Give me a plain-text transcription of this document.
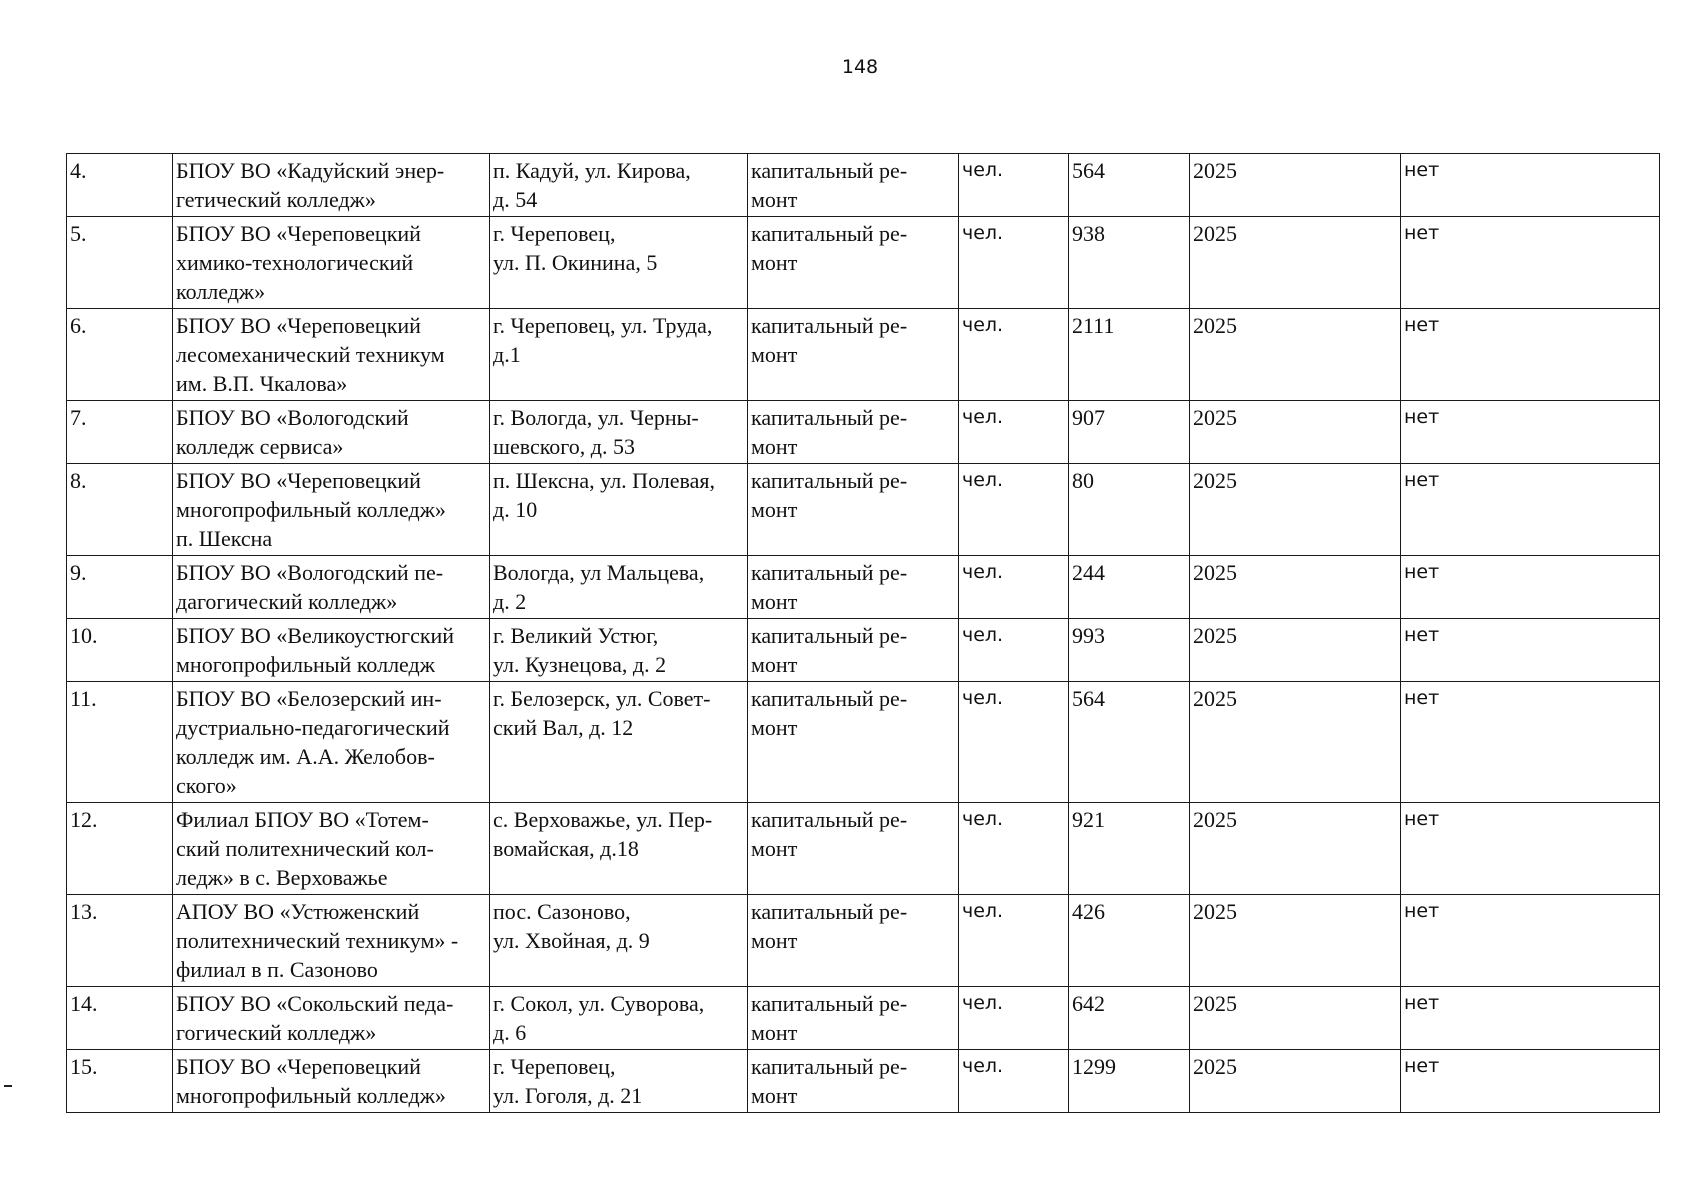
148
4.	БПОУ ВО «Кадуйский энер-
гетический колледж»	п. Кадуй, ул. Кирова,
д. 54	капитальный ре-
монт	чел.	564	2025	нет
5.	БПОУ ВО «Череповецкий
химико-технологический
колледж»	г. Череповец,
ул. П. Окинина, 5	капитальный ре-
монт	чел.	938	2025	нет
6.	БПОУ ВО «Череповецкий
лесомеханический техникум
им. В.П. Чкалова»	г. Череповец, ул. Труда,
д.1	капитальный ре-
монт	чел.	2111	2025	нет
7.	БПОУ ВО «Вологодский
колледж сервиса»	г. Вологда, ул. Черны-
шевского, д. 53	капитальный ре-
монт	чел.	907	2025	нет
8.	БПОУ ВО «Череповецкий
многопрофильный колледж»
п. Шексна	п. Шексна, ул. Полевая,
д. 10	капитальный ре-
монт	чел.	80	2025	нет
9.	БПОУ ВО «Вологодский пе-
дагогический колледж»	Вологда, ул Мальцева,
д. 2	капитальный ре-
монт	чел.	244	2025	нет
10.	БПОУ ВО «Великоустюгский
многопрофильный колледж	г. Великий Устюг,
ул. Кузнецова, д. 2	капитальный ре-
монт	чел.	993	2025	нет
11.	БПОУ ВО «Белозерский ин-
дустриально-педагогический
колледж им. А.А. Желобов-
ского»	г. Белозерск, ул. Совет-
ский Вал, д. 12	капитальный ре-
монт	чел.	564	2025	нет
12.	Филиал БПОУ ВО «Тотем-
ский политехнический кол-
ледж» в с. Верховажье	с. Верховажье, ул. Пер-
вомайская, д.18	капитальный ре-
монт	чел.	921	2025	нет
13.	АПОУ ВО «Устюженский
политехнический техникум» -
филиал в п. Сазоново	пос. Сазоново,
ул. Хвойная, д. 9	капитальный ре-
монт	чел.	426	2025	нет
14.	БПОУ ВО «Сокольский педа-
гогический колледж»	г. Сокол, ул. Суворова,
д. 6	капитальный ре-
монт	чел.	642	2025	нет
15.	БПОУ ВО «Череповецкий
многопрофильный колледж»	г. Череповец,
ул. Гоголя, д. 21	капитальный ре-
монт	чел.	1299	2025	нет
